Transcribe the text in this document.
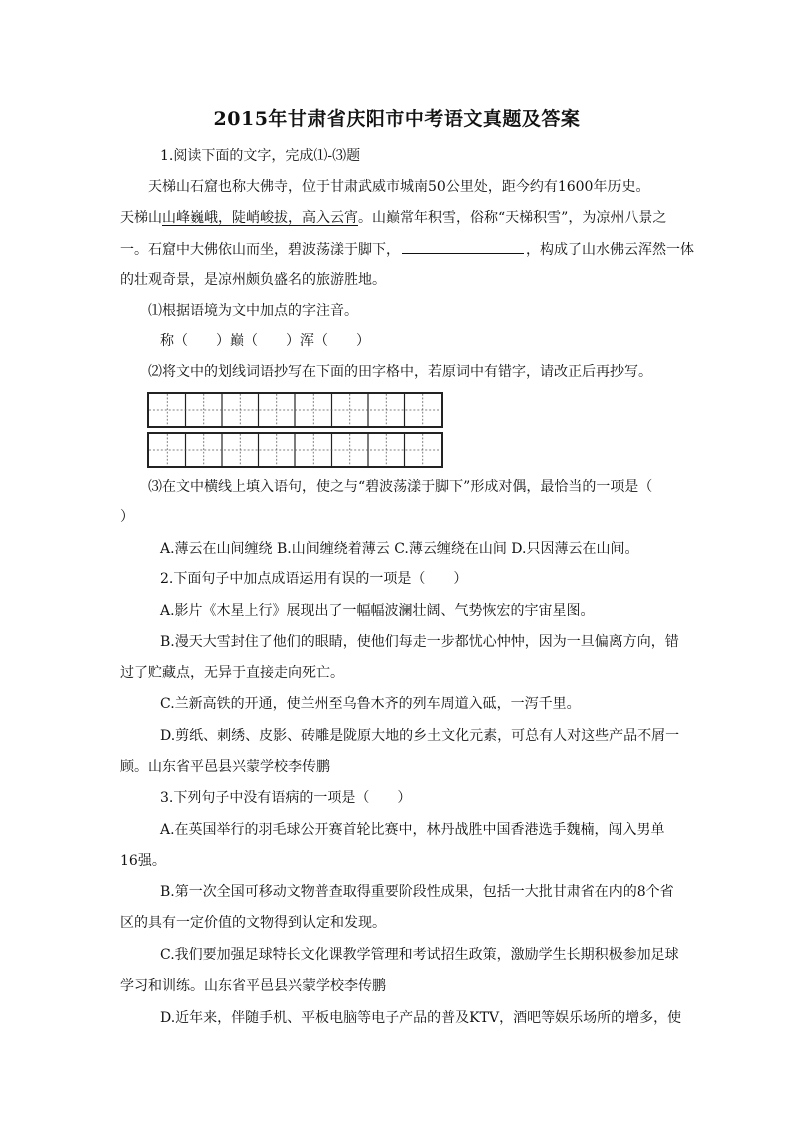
2015年甘肃省庆阳市中考语文真题及答案
1.阅读下面的文字，完成⑴-⑶题
天梯山石窟也称大佛寺，位于甘肃武威市城南50公里处，距今约有1600年历史。
天梯山山峰巍峨，陡峭峻拔，高入云宵。山巅常年积雪，俗称“天梯积雪”，为凉州八景之
一。石窟中大佛依山而坐，碧波荡漾于脚下，	，构成了山水佛云浑然一体
的壮观奇景，是凉州颇负盛名的旅游胜地。
⑴根据语境为文中加点的字注音。
称（　　）巅（　　）浑（　　）
⑵将文中的划线词语抄写在下面的田字格中，若原词中有错字，请改正后再抄写。
⑶在文中横线上填入语句，使之与“碧波荡漾于脚下”形成对偶，最恰当的一项是（
）
A.薄云在山间缠绕 B.山间缠绕着薄云 C.薄云缠绕在山间 D.只因薄云在山间。
2.下面句子中加点成语运用有误的一项是（　　）
A.影片《木星上行》展现出了一幅幅波澜壮阔、气势恢宏的宇宙星图。
B.漫天大雪封住了他们的眼睛，使他们每走一步都忧心忡忡，因为一旦偏离方向，错
过了贮藏点，无异于直接走向死亡。
C.兰新高铁的开通，使兰州至乌鲁木齐的列车周道入砥，一泻千里。
D.剪纸、刺绣、皮影、砖雕是陇原大地的乡土文化元素，可总有人对这些产品不屑一
顾。山东省平邑县兴蒙学校李传鹏
3.下列句子中没有语病的一项是（　　）
A.在英国举行的羽毛球公开赛首轮比赛中，林丹战胜中国香港选手魏楠，闯入男单
16强。
B.第一次全国可移动文物普查取得重要阶段性成果，包括一大批甘肃省在内的8个省
区的具有一定价值的文物得到认定和发现。
C.我们要加强足球特长文化课教学管理和考试招生政策，激励学生长期积极参加足球
学习和训练。山东省平邑县兴蒙学校李传鹏
D.近年来，伴随手机、平板电脑等电子产品的普及KTV，酒吧等娱乐场所的增多，使
